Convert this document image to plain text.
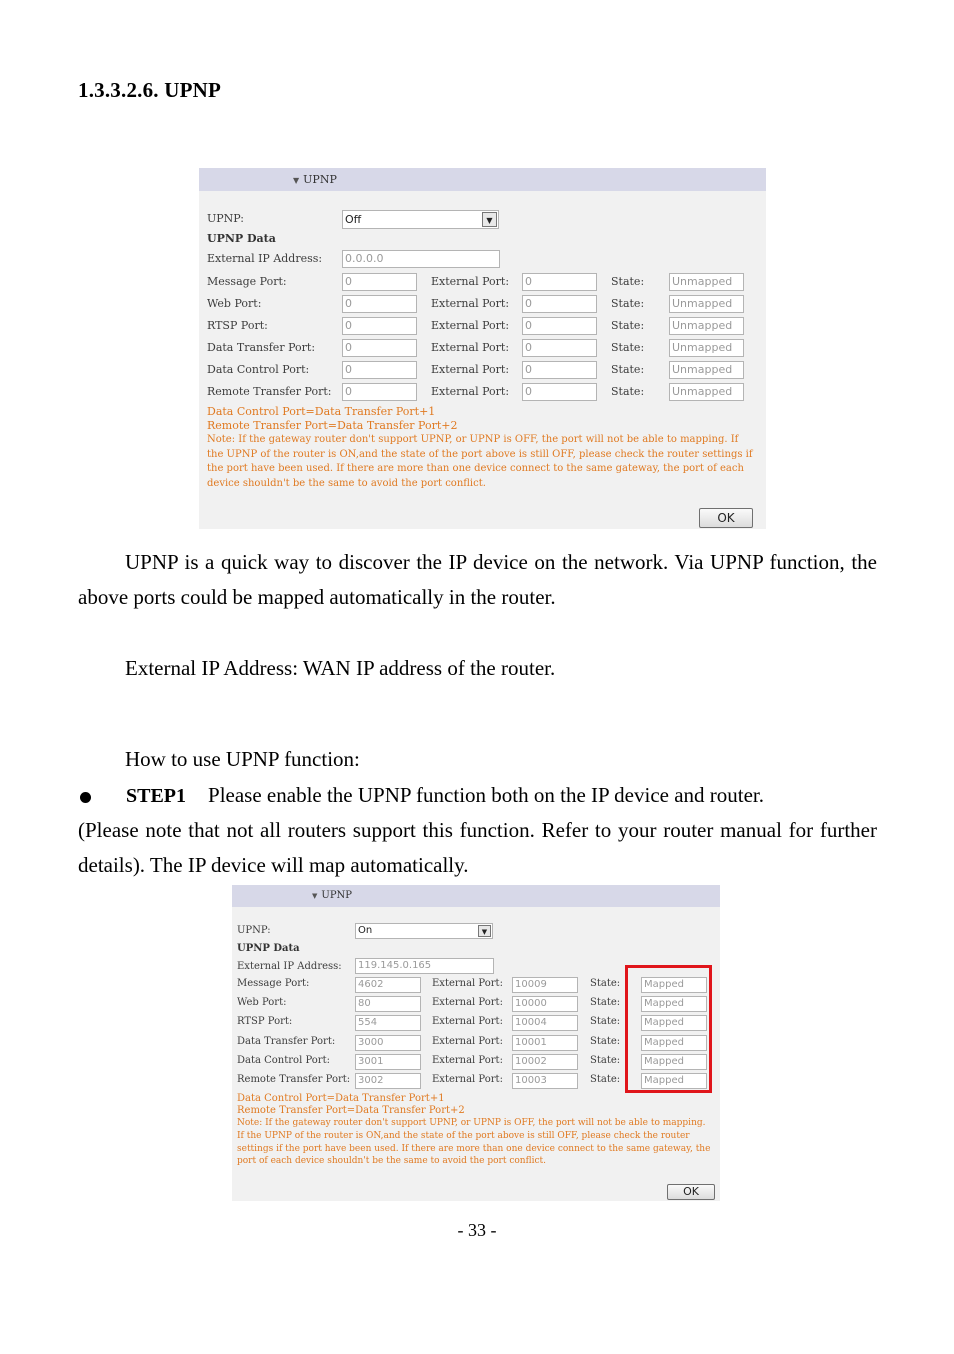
1.3.3.2.6. UPNP
▼ UPNP
UPNP:	Off	▼
UPNP Data
External IP Address: 0.0.0.0
Message Port:	0	External Port: 0	State:	Unmapped
Web Port:	0	External Port: 0	State:	Unmapped
RTSP Port:	0	External Port: 0	State:	Unmapped
Data Transfer Port:	0	External Port: 0	State:	Unmapped
Data Control Port:	0	External Port: 0	State:	Unmapped
Remote Transfer Port: 0	External Port: 0	State:	Unmapped
Data Control Port=Data Transfer Port+1
Remote Transfer Port=Data Transfer Port+2
Note: If the gateway router don't support UPNP, or UPNP is OFF, the port will not be able to mapping. If the UPNP of the router is ON,and the state of the port above is still OFF, please check the router settings if the port have been used. If there are more than one device connect to the same gateway, the port of each device shouldn't be the same to avoid the port conflict.
OK
UPNP is a quick way to discover the IP device on the network. Via UPNP function, the above ports could be mapped automatically in the router.
External IP Address: WAN IP address of the router.
How to use UPNP function:
STEP1 Please enable the UPNP function both on the IP device and router.
(Please note that not all routers support this function. Refer to your router manual for further details). The IP device will map automatically.
▼ UPNP
UPNP:	On	▼
UPNP Data
External IP Address:	119.145.0.165
Message Port:	4602	External Port:	10009	State:	Mapped
Web Port:	80	External Port:	10000	State:	Mapped
RTSP Port:	554	External Port:	10004	State:	Mapped
Data Transfer Port:	3000	External Port:	10001	State:	Mapped
Data Control Port:	3001	External Port:	10002	State:	Mapped
Remote Transfer Port: 3002	External Port:	10003	State:	Mapped
Data Control Port=Data Transfer Port+1
Remote Transfer Port=Data Transfer Port+2
Note: If the gateway router don't support UPNP, or UPNP is OFF, the port will not be able to mapping. If the UPNP of the router is ON,and the state of the port above is still OFF, please check the router settings if the port have been used. If there are more than one device connect to the same gateway, the port of each device shouldn't be the same to avoid the port conflict.
OK
- 33 -
